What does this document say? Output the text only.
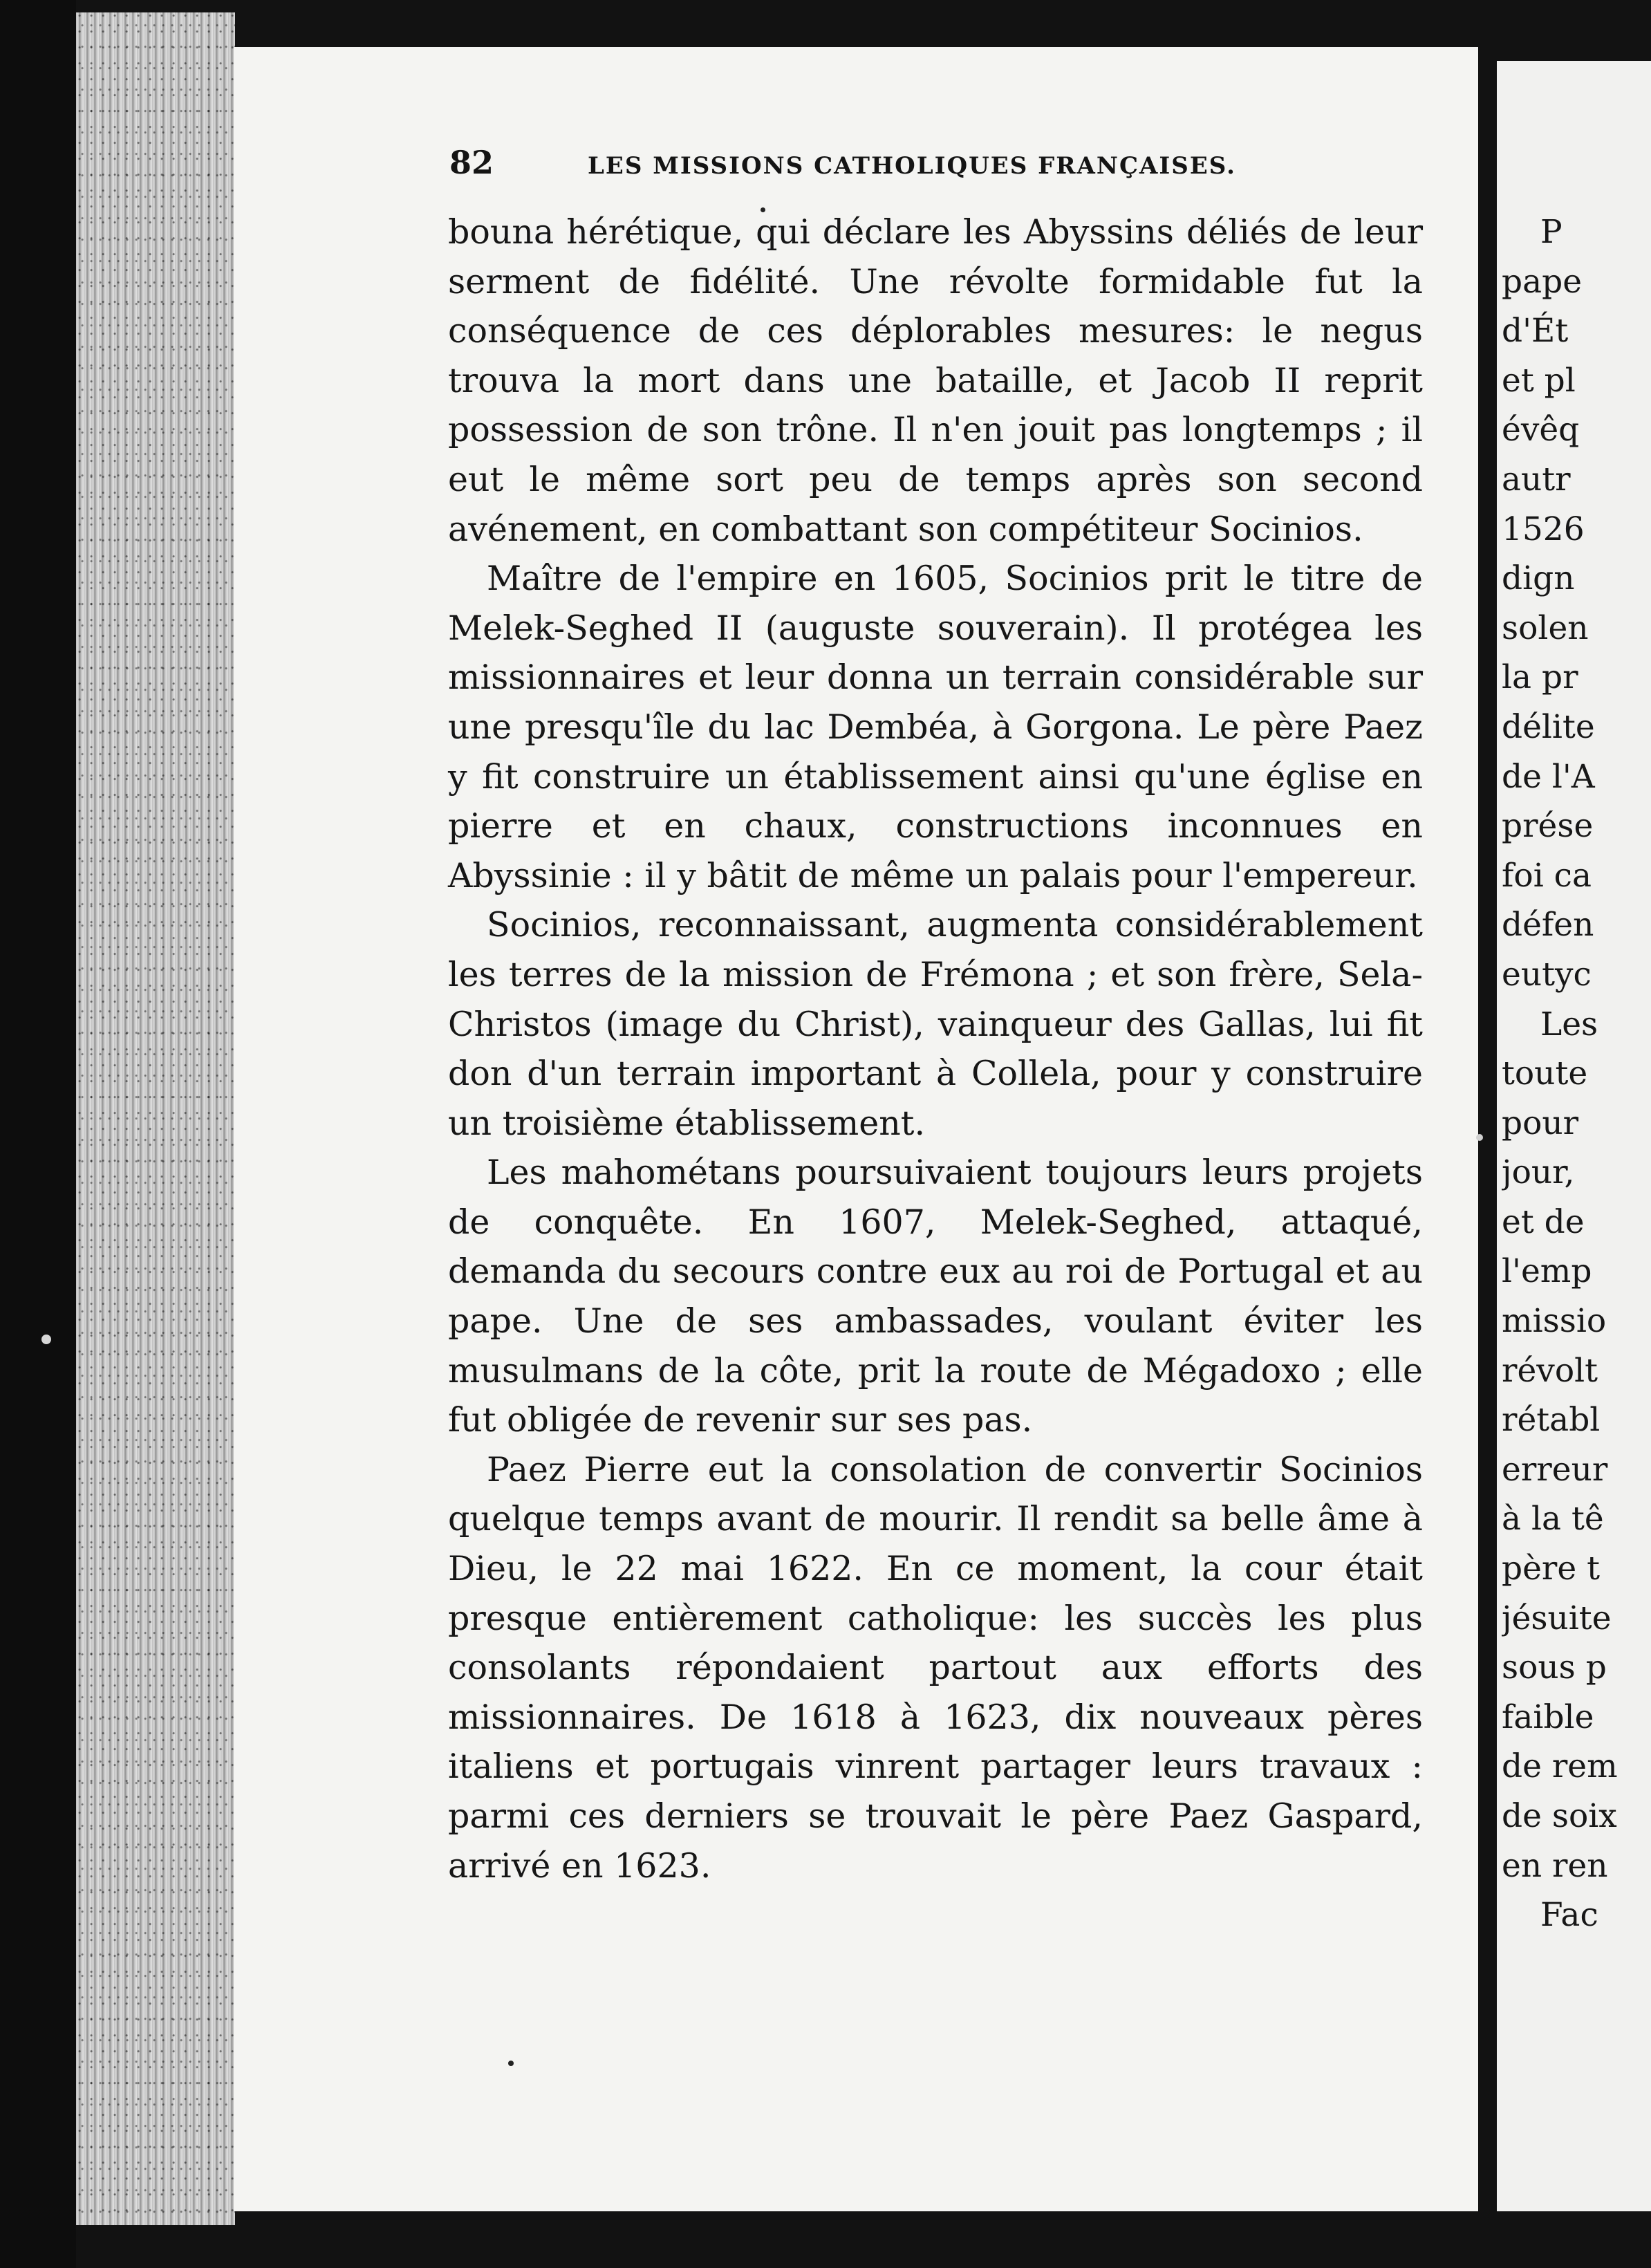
82	LES MISSIONS CATHOLIQUES FRANÇAISES.

bouna hérétique, qui déclare les Abyssins déliés de leur serment de fidélité. Une révolte formidable fut la conséquence de ces déplorables mesures: le negus trouva la mort dans une bataille, et Jacob II reprit possession de son trône. Il n'en jouit pas longtemps ; il eut le même sort peu de temps après son second avénement, en combattant son compétiteur Socinios.

Maître de l'empire en 1605, Socinios prit le titre de Melek-Seghed II (auguste souverain). Il protégea les missionnaires et leur donna un terrain considérable sur une presqu'île du lac Dembéa, à Gorgona. Le père Paez y fit construire un établissement ainsi qu'une église en pierre et en chaux, constructions inconnues en Abyssinie : il y bâtit de même un palais pour l'empereur.

Socinios, reconnaissant, augmenta considérablement les terres de la mission de Frémona ; et son frère, Sela-Christos (image du Christ), vainqueur des Gallas, lui fit don d'un terrain important à Collela, pour y construire un troisième établissement.

Les mahométans poursuivaient toujours leurs projets de conquête. En 1607, Melek-Seghed, attaqué, demanda du secours contre eux au roi de Portugal et au pape. Une de ses ambassades, voulant éviter les musulmans de la côte, prit la route de Mégadoxo ; elle fut obligée de revenir sur ses pas.

Paez Pierre eut la consolation de convertir Socinios quelque temps avant de mourir. Il rendit sa belle âme à Dieu, le 22 mai 1622. En ce moment, la cour était presque entièrement catholique: les succès les plus consolants répondaient partout aux efforts des missionnaires. De 1618 à 1623, dix nouveaux pères italiens et portugais vinrent partager leurs travaux : parmi ces derniers se trouvait le père Paez Gaspard, arrivé en 1623.

P
pape
d'Ét
et pl
évêq
autr
1526
dign
solen
la pr
délite
de l'A
prése
foi ca
défen
eutyc
Les
toute
pour
jour,
et de
l'emp
missio
révolt
rétabl
erreur
à la tê
père t
jésuite
sous p
faible
de rem
de soix
en ren
Fac
